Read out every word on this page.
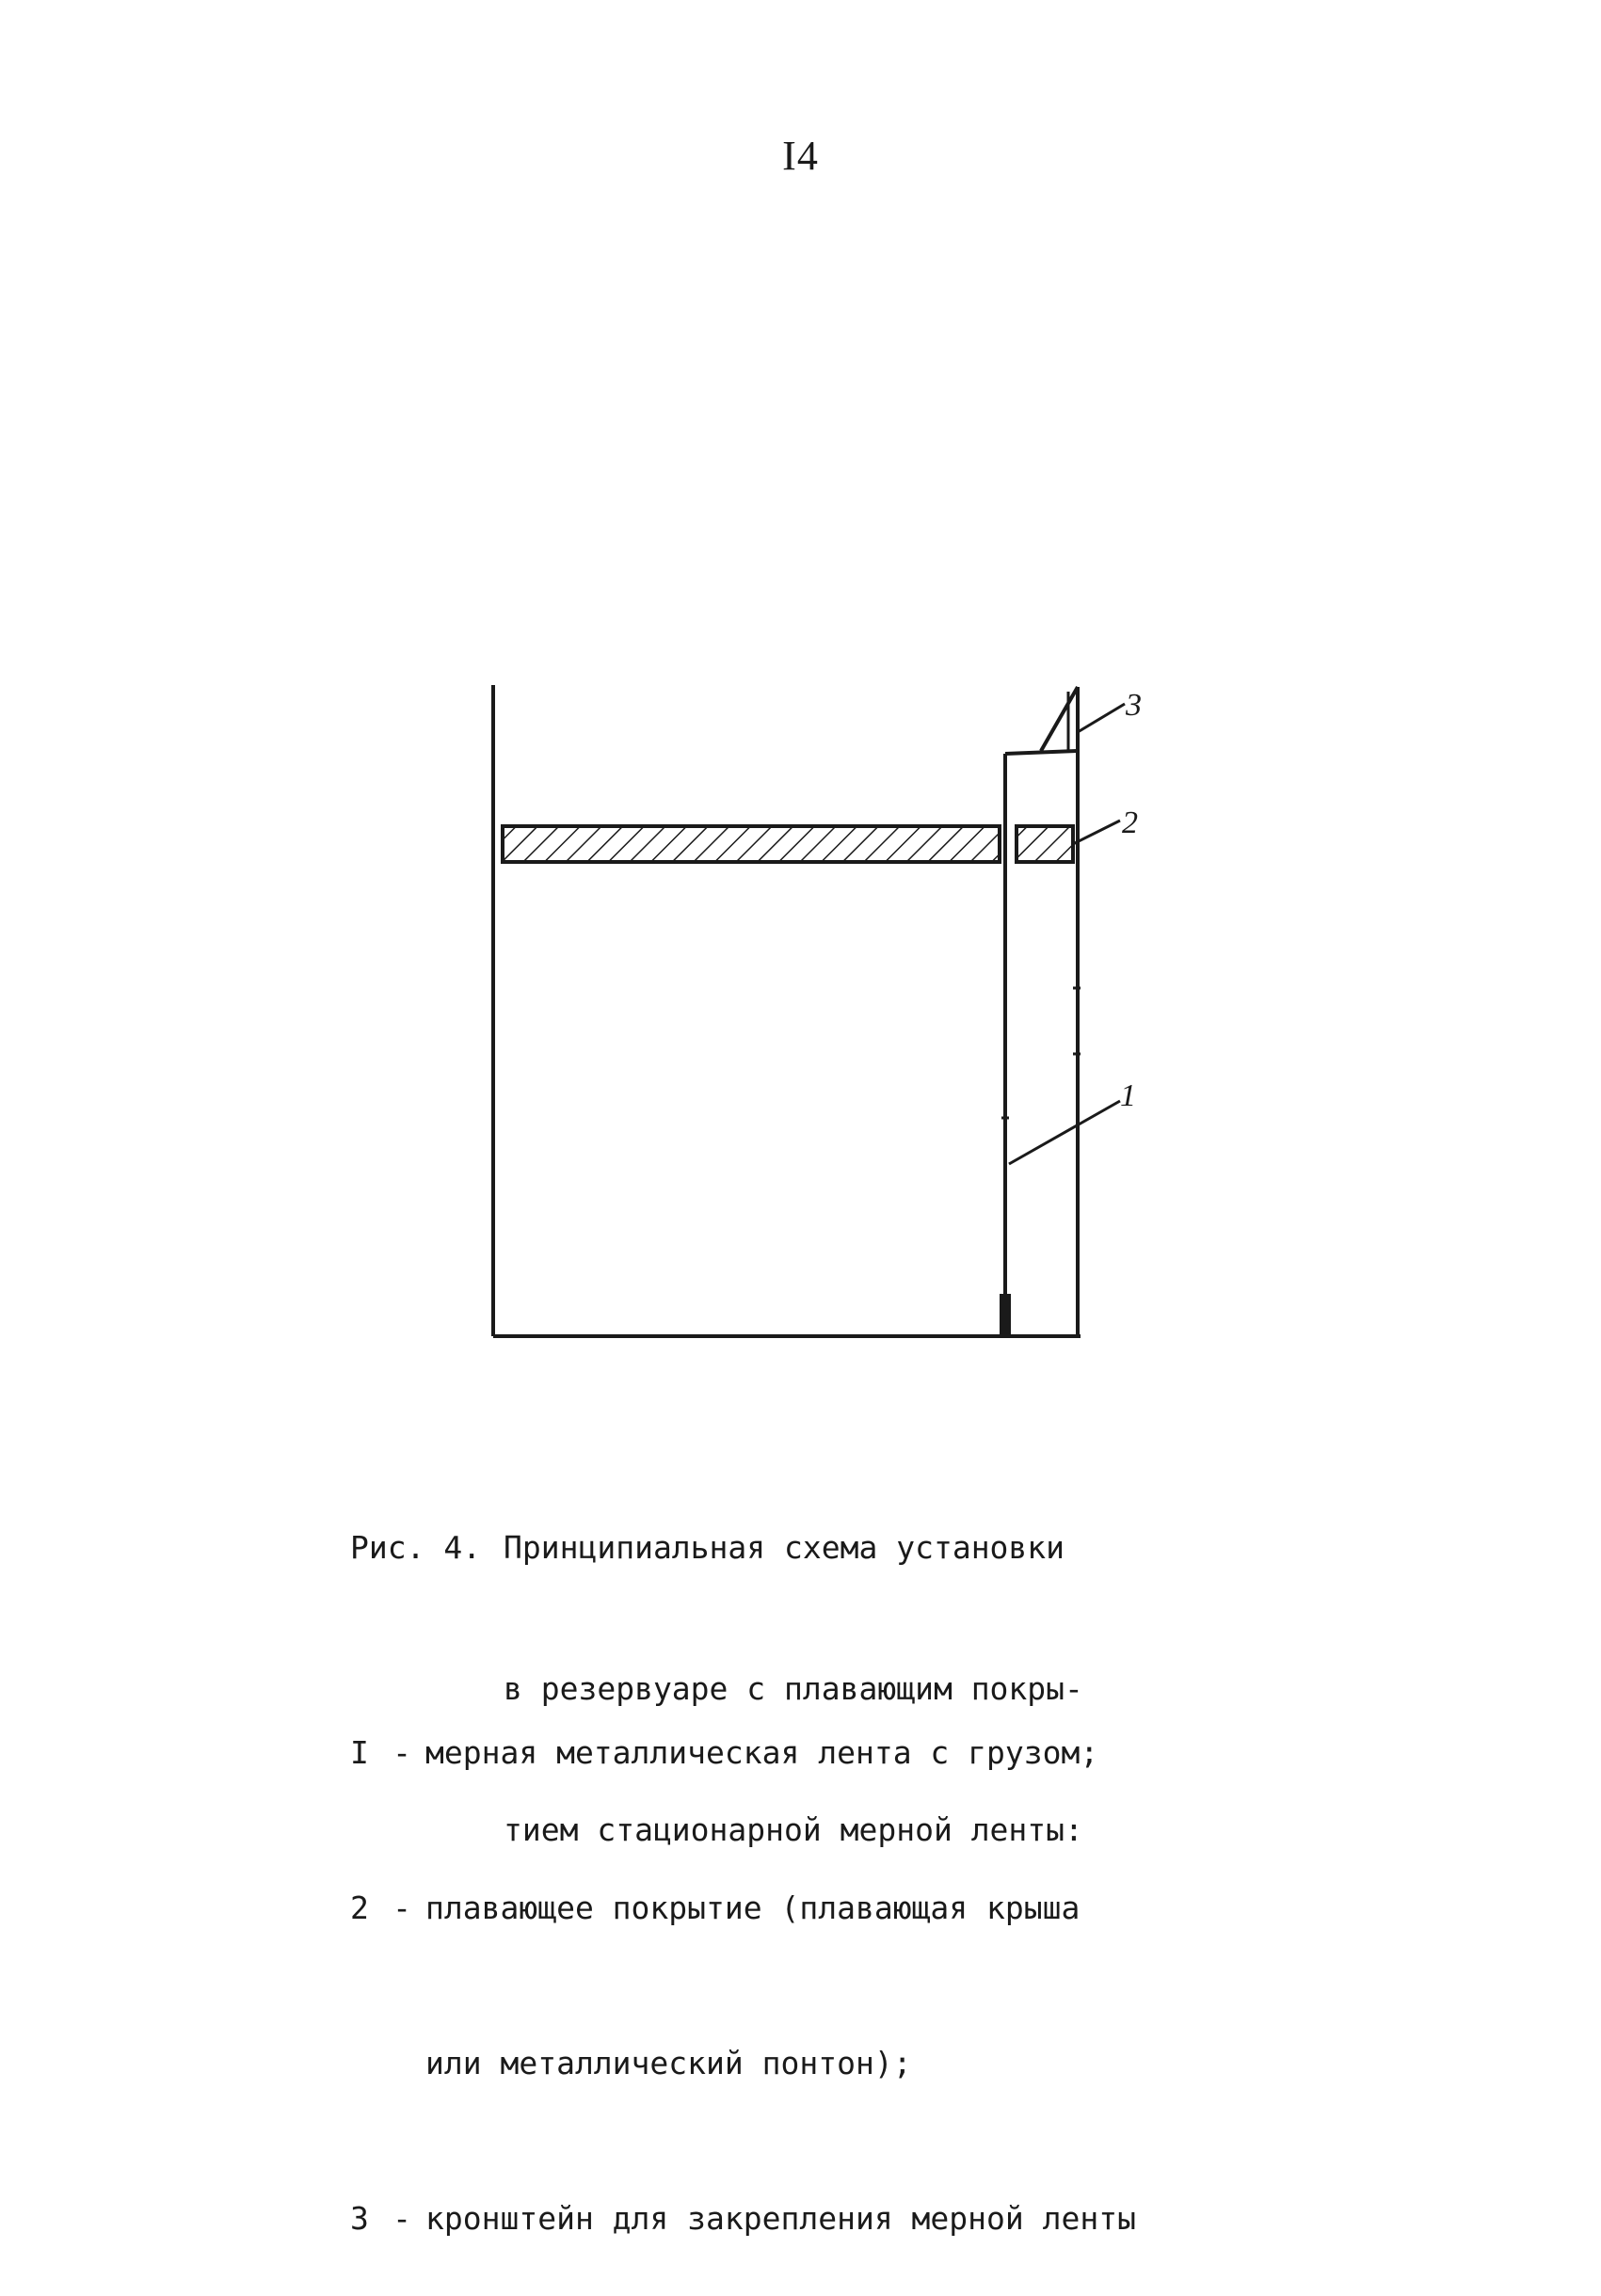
I4
3
2
1

Рис. 4. Принципиальная схема установки

в резервуаре с плавающим покры-

тием стационарной мерной ленты:

I - мерная металлическая лента с грузом;

2 - плавающее покрытие (плавающая крыша

или металлический понтон);

3 - кронштейн для закрепления мерной ленты
